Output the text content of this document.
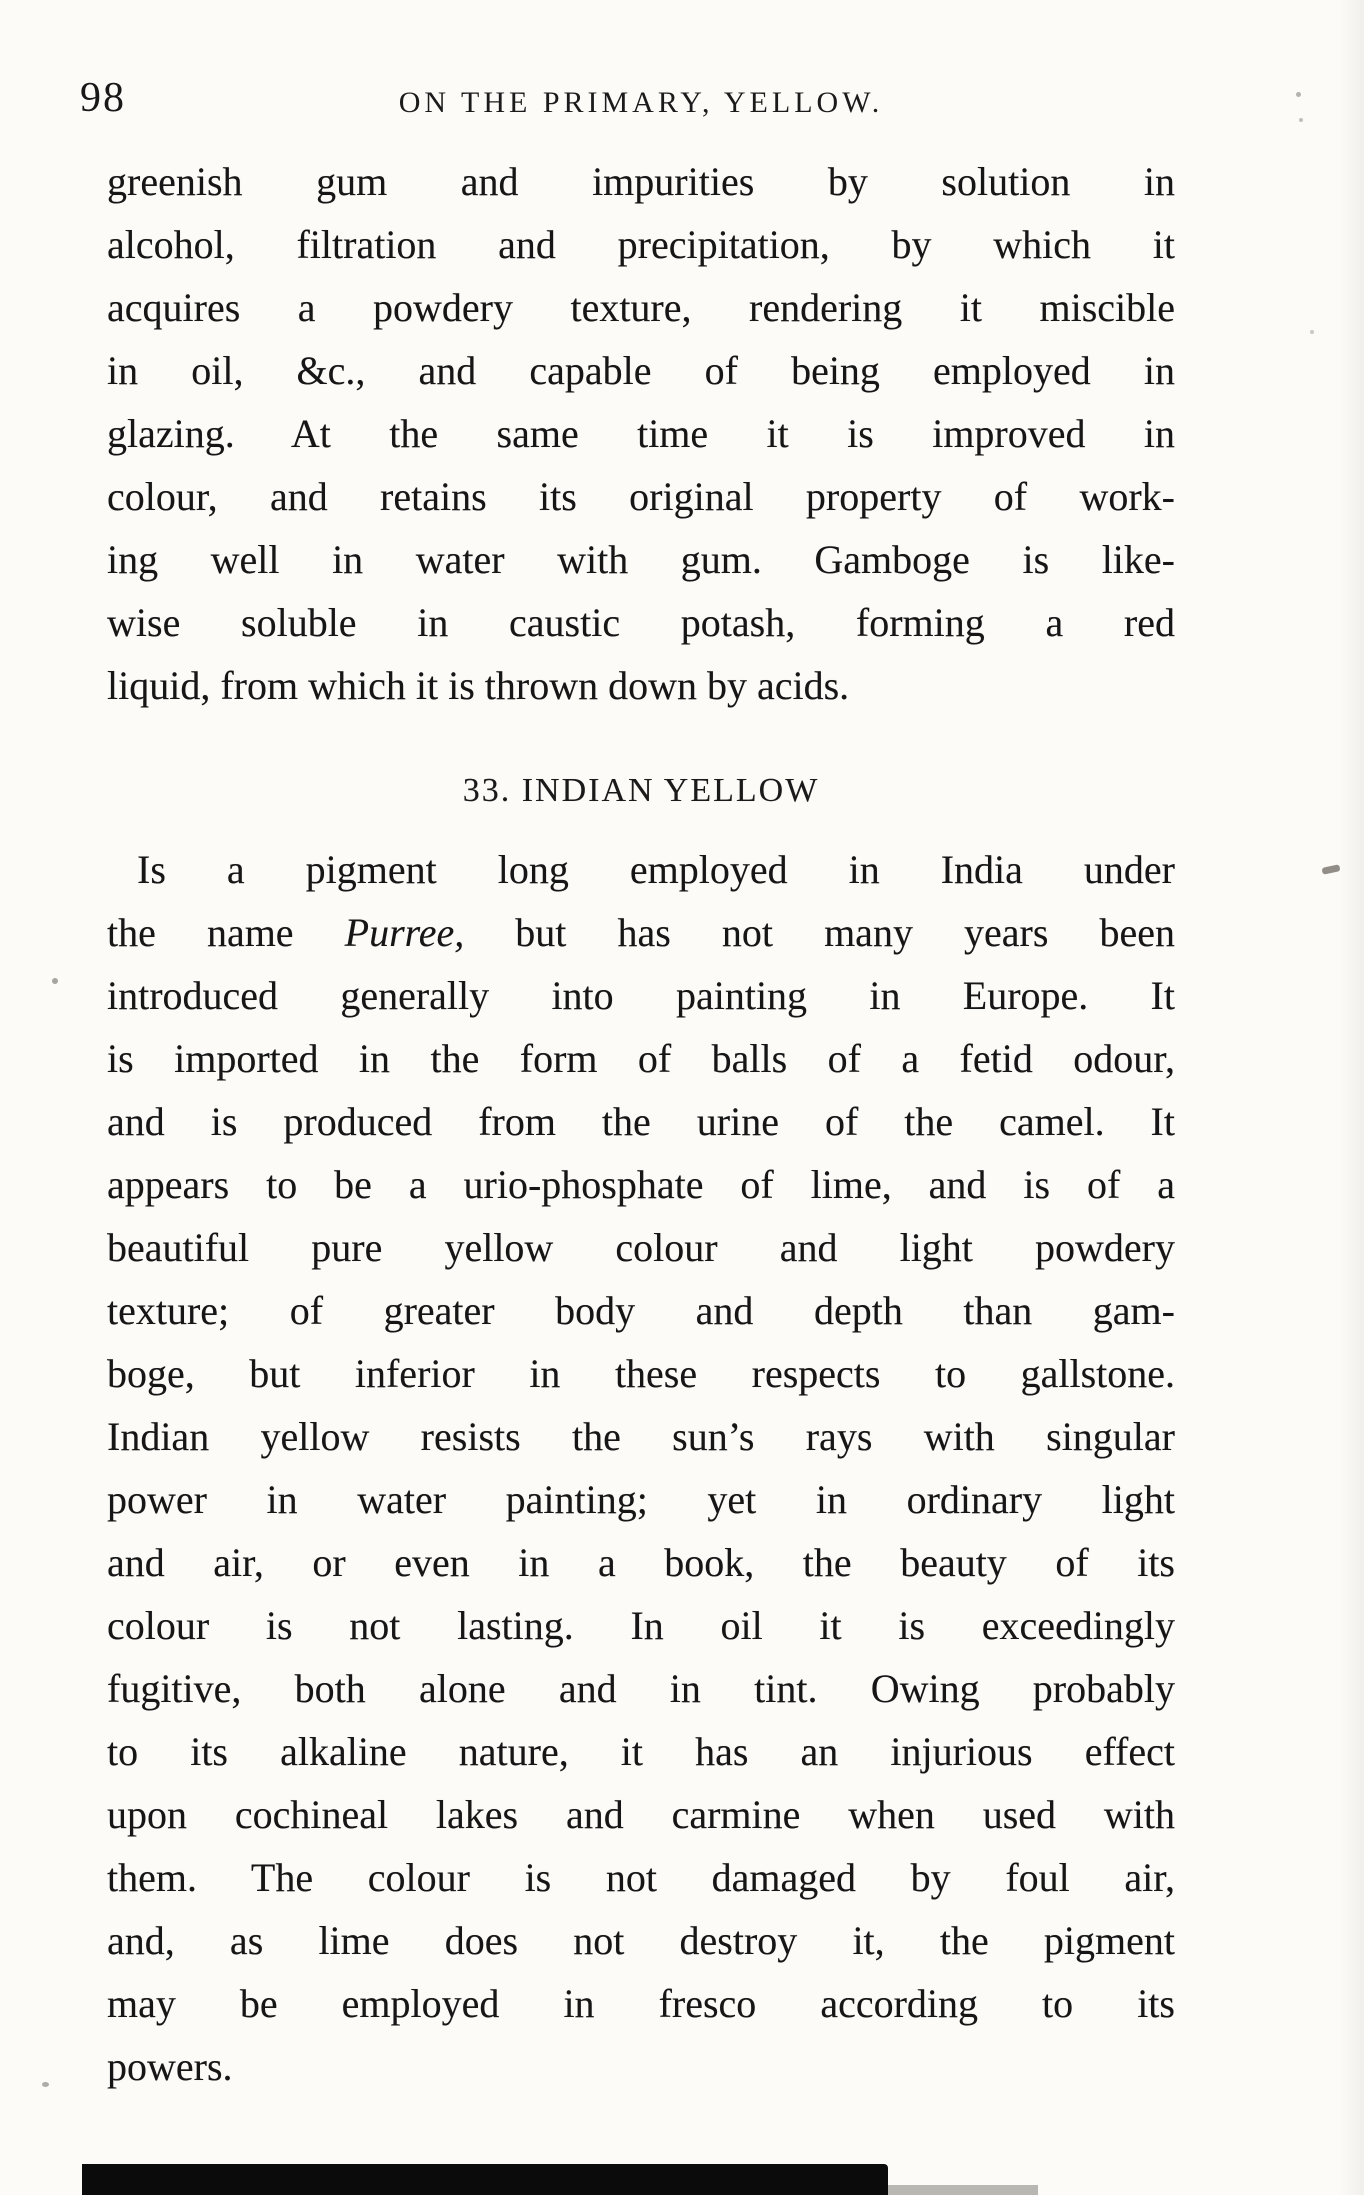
98	ON THE PRIMARY, YELLOW.
greenish gum and impurities by solution in
alcohol, filtration and precipitation, by which it
acquires a powdery texture, rendering it miscible
in oil, &c., and capable of being employed in
glazing. At the same time it is improved in
colour, and retains its original property of work-
ing well in water with gum. Gamboge is like-
wise soluble in caustic potash, forming a red
liquid, from which it is thrown down by acids.
33. INDIAN YELLOW
Is a pigment long employed in India under
the name Purree, but has not many years been
introduced generally into painting in Europe. It
is imported in the form of balls of a fetid odour,
and is produced from the urine of the camel. It
appears to be a urio-phosphate of lime, and is of a
beautiful pure yellow colour and light powdery
texture; of greater body and depth than gam-
boge, but inferior in these respects to gallstone.
Indian yellow resists the sun’s rays with singular
power in water painting; yet in ordinary light
and air, or even in a book, the beauty of its
colour is not lasting. In oil it is exceedingly
fugitive, both alone and in tint. Owing probably
to its alkaline nature, it has an injurious effect
upon cochineal lakes and carmine when used with
them. The colour is not damaged by foul air,
and, as lime does not destroy it, the pigment
may be employed in fresco according to its
powers.
